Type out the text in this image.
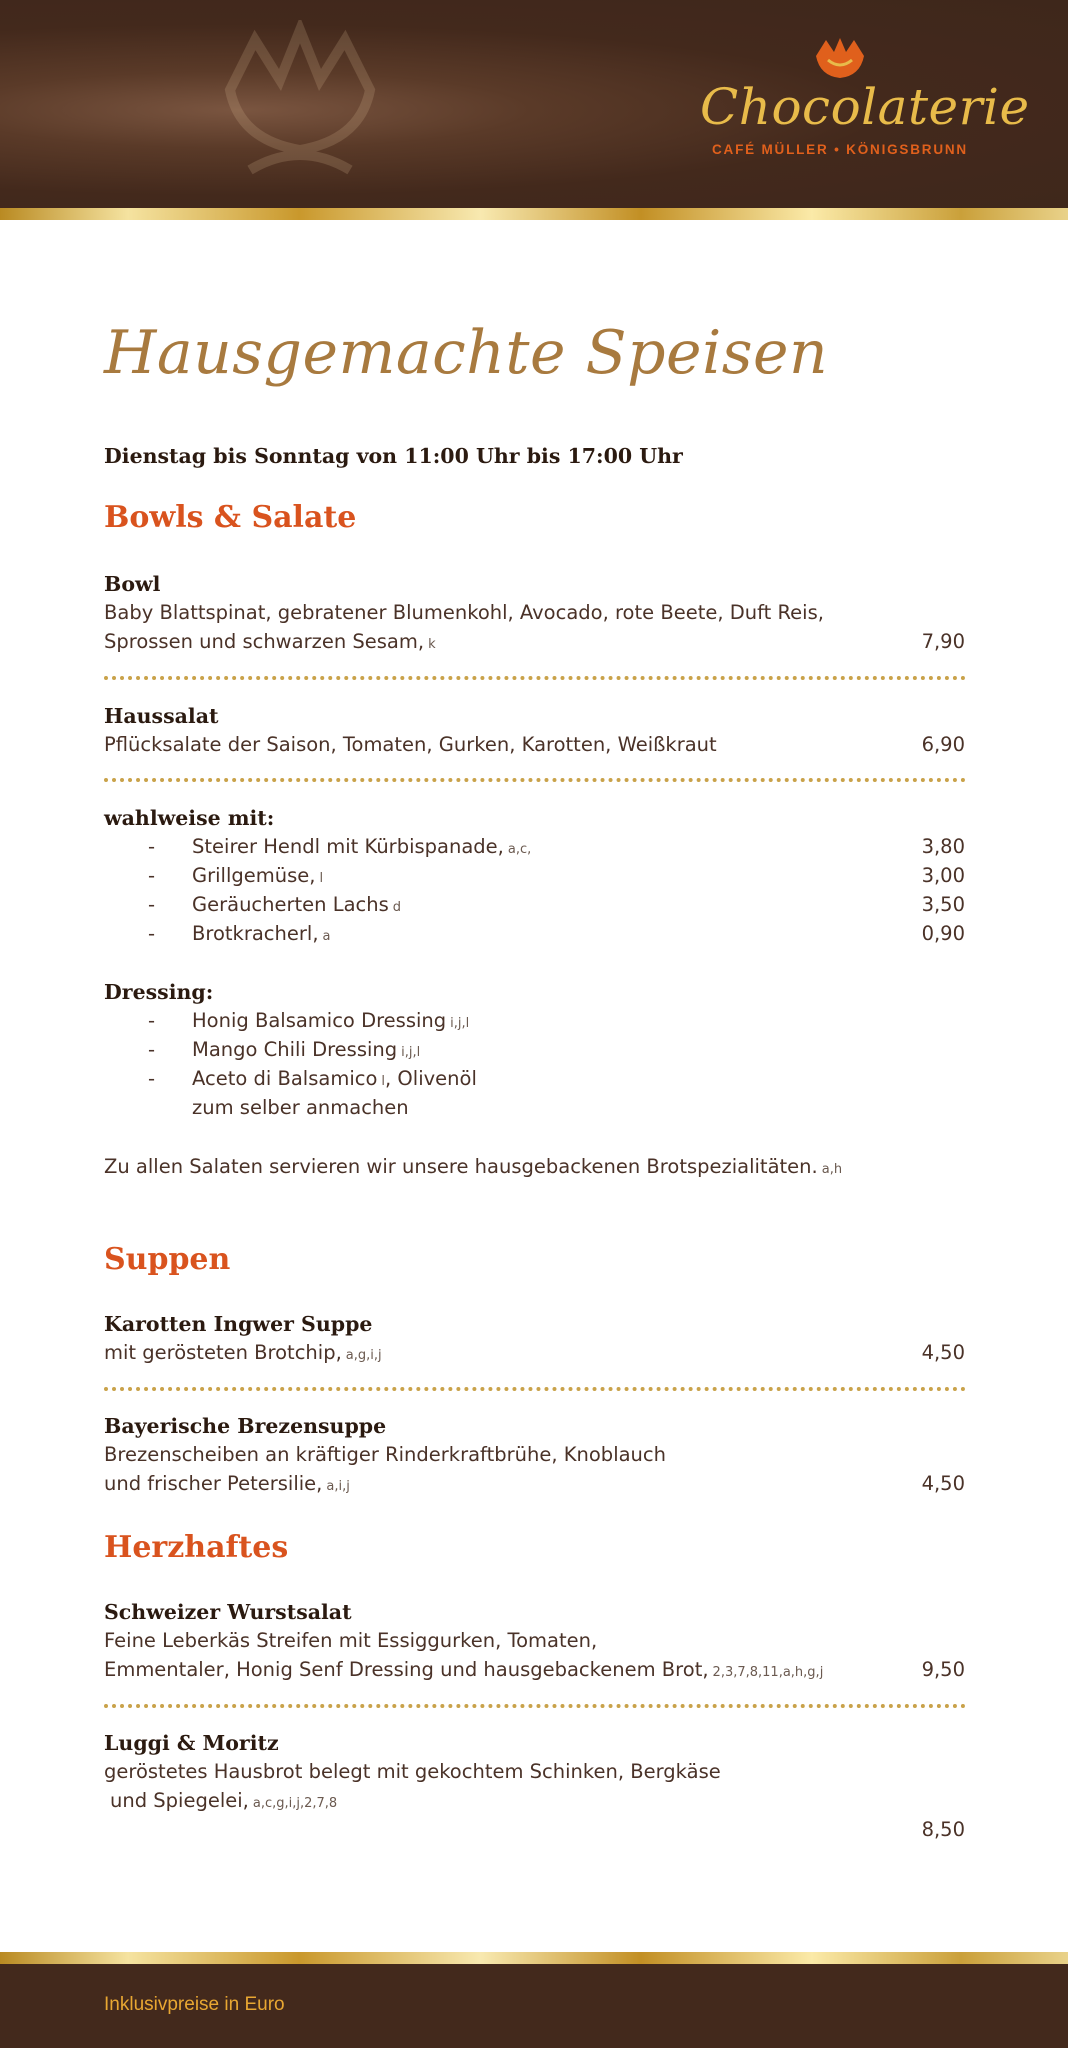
Chocolaterie
CAFÉ MÜLLER • KÖNIGSBRUNN
Hausgemachte Speisen
Dienstag bis Sonntag von 11:00 Uhr bis 17:00 Uhr
Bowls & Salate
Bowl
Baby Blattspinat, gebratener Blumenkohl, Avocado, rote Beete, Duft Reis,
Sprossen und schwarzen Sesam, k	7,90
Haussalat
Pflücksalate der Saison, Tomaten, Gurken, Karotten, Weißkraut	6,90
wahlweise mit:
- Steirer Hendl mit Kürbispanade, a,c,	3,80
- Grillgemüse, l	3,00
- Geräucherten Lachs d	3,50
- Brotkracherl, a	0,90
Dressing:
- Honig Balsamico Dressing i,j,l
- Mango Chili Dressing i,j,l
- Aceto di Balsamico l, Olivenöl
zum selber anmachen
Zu allen Salaten servieren wir unsere hausgebackenen Brotspezialitäten. a,h
Suppen
Karotten Ingwer Suppe
mit gerösteten Brotchip, a,g,i,j	4,50
Bayerische Brezensuppe
Brezenscheiben an kräftiger Rinderkraftbrühe, Knoblauch
und frischer Petersilie, a,i,j	4,50
Herzhaftes
Schweizer Wurstsalat
Feine Leberkäs Streifen mit Essiggurken, Tomaten,
Emmentaler, Honig Senf Dressing und hausgebackenem Brot, 2,3,7,8,11,a,h,g,j	9,50
Luggi & Moritz
geröstetes Hausbrot belegt mit gekochtem Schinken, Bergkäse
und Spiegelei, a,c,g,i,j,2,7,8
8,50
Inklusivpreise in Euro
